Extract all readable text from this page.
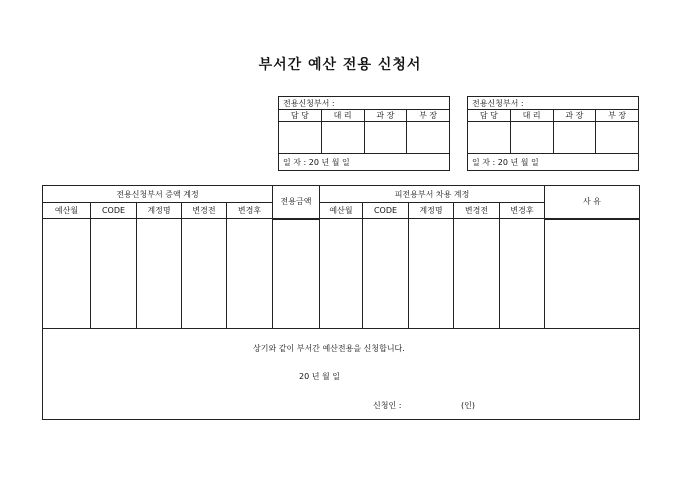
부서간 예산 전용 신청서
전용신청부서 :
담 당	대 리	과 장	부 장
일 자 : 20 년 월 일
전용신청부서 :
담 당	대 리	과 장	부 장
일 자 : 20 년 월 일
전용신청부서 증액 계정					전용금액	피전용부서 차용 계정					사 유
예산월	CODE	계정명	변경전	변경후		예산월	CODE	계정명	변경전	변경후	

상기와 같이 부서간 예산전용을 신청합니다.
20 년 월 일
신청인 : (인)											
